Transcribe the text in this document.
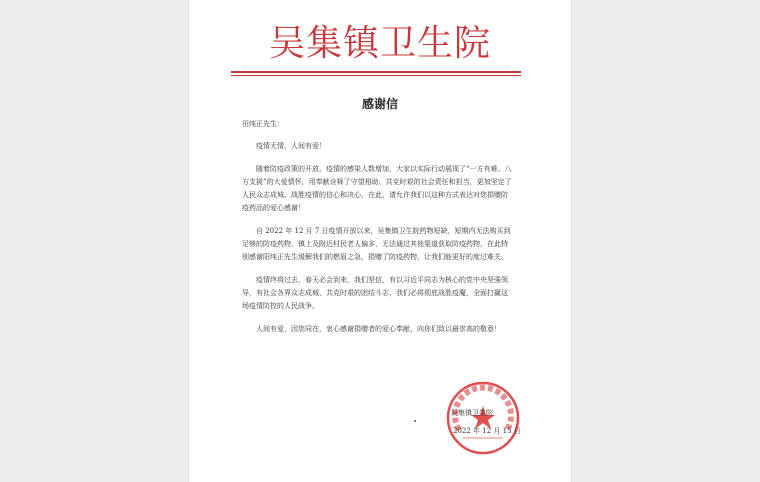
吴集镇卫生院
感谢信

田纯正先生：

疫情无情，人间有爱！

随着防疫政策的开放，疫情的感染人数增加，大家以实际行动展现了“一方有难、八方支援”的大爱情怀，用奉献诠释了守望相助、共克时艰的社会责任和担当，更加坚定了人民众志成城、战胜疫情的信心和决心，在此，请允许我们以这种方式表达对您捐赠防疫药品的爱心感谢！

自 2022 年 12 月 7 日疫情开放以来，吴集镇卫生院药物短缺，短期内无法购买到足够的防疫药物，镇上及附近村民老人偏多，无法通过其他渠道获取防疫药物，在此特别感谢阳纯正先生缓解我们的燃眉之急，捐赠了防疫药物，让我们能更好的度过难关。

疫情终将过去，春天必会到来，我们坚信，有以习近平同志为核心的党中央坚强领导，有社会各界众志成城、共克时艰的团结斗志，我们必将彻底战胜疫魔，全面打赢这场疫情防控的人民战争。

人间有爱，因您同在，衷心感谢捐赠者的爱心奉献，向你们致以最崇高的敬意！

吴集镇卫生院
2022 年 12 月 15 日
